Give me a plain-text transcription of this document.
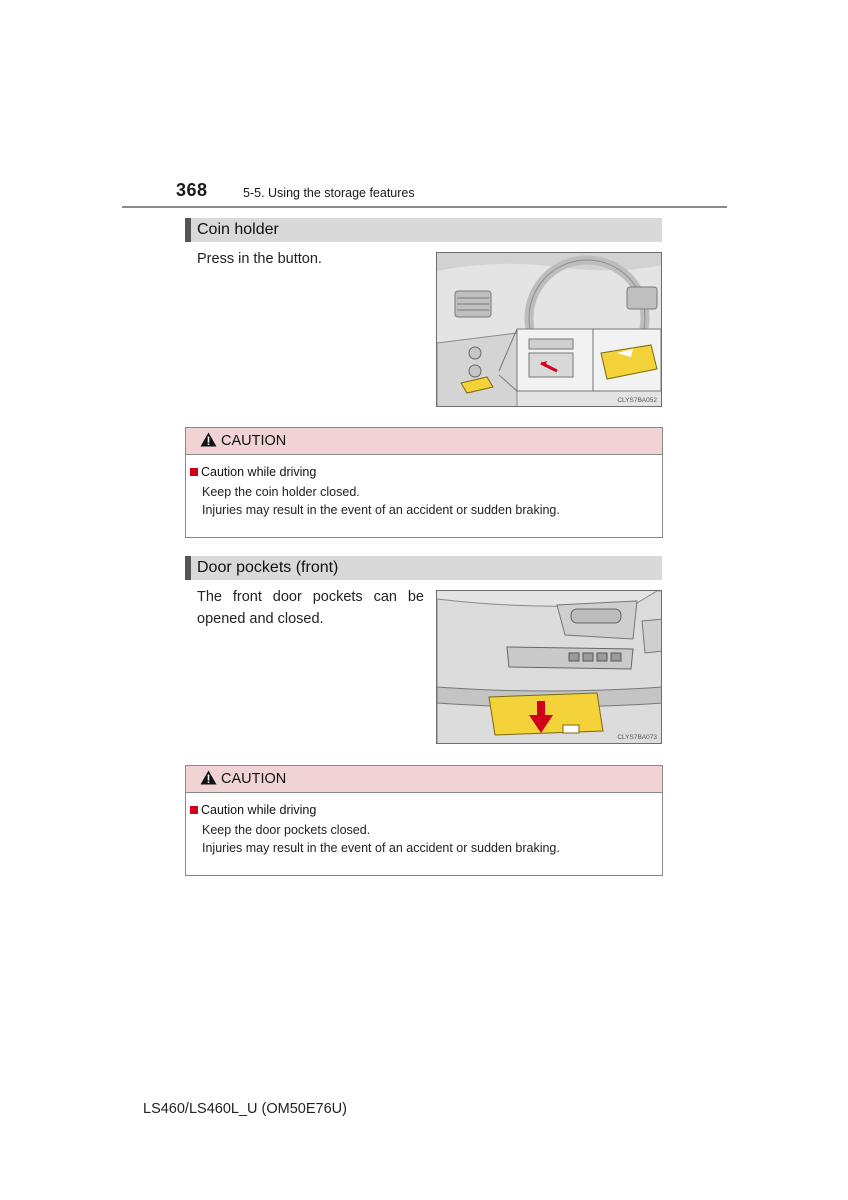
368	5-5. Using the storage features
Coin holder
Press in the button.
CLYS7BA052
CAUTION
Caution while driving
Keep the coin holder closed.
Injuries may result in the event of an accident or sudden braking.
Door pockets (front)
The front door pockets can be opened and closed.
CLYS7BA073
CAUTION
Caution while driving
Keep the door pockets closed.
Injuries may result in the event of an accident or sudden braking.
LS460/LS460L_U (OM50E76U)
